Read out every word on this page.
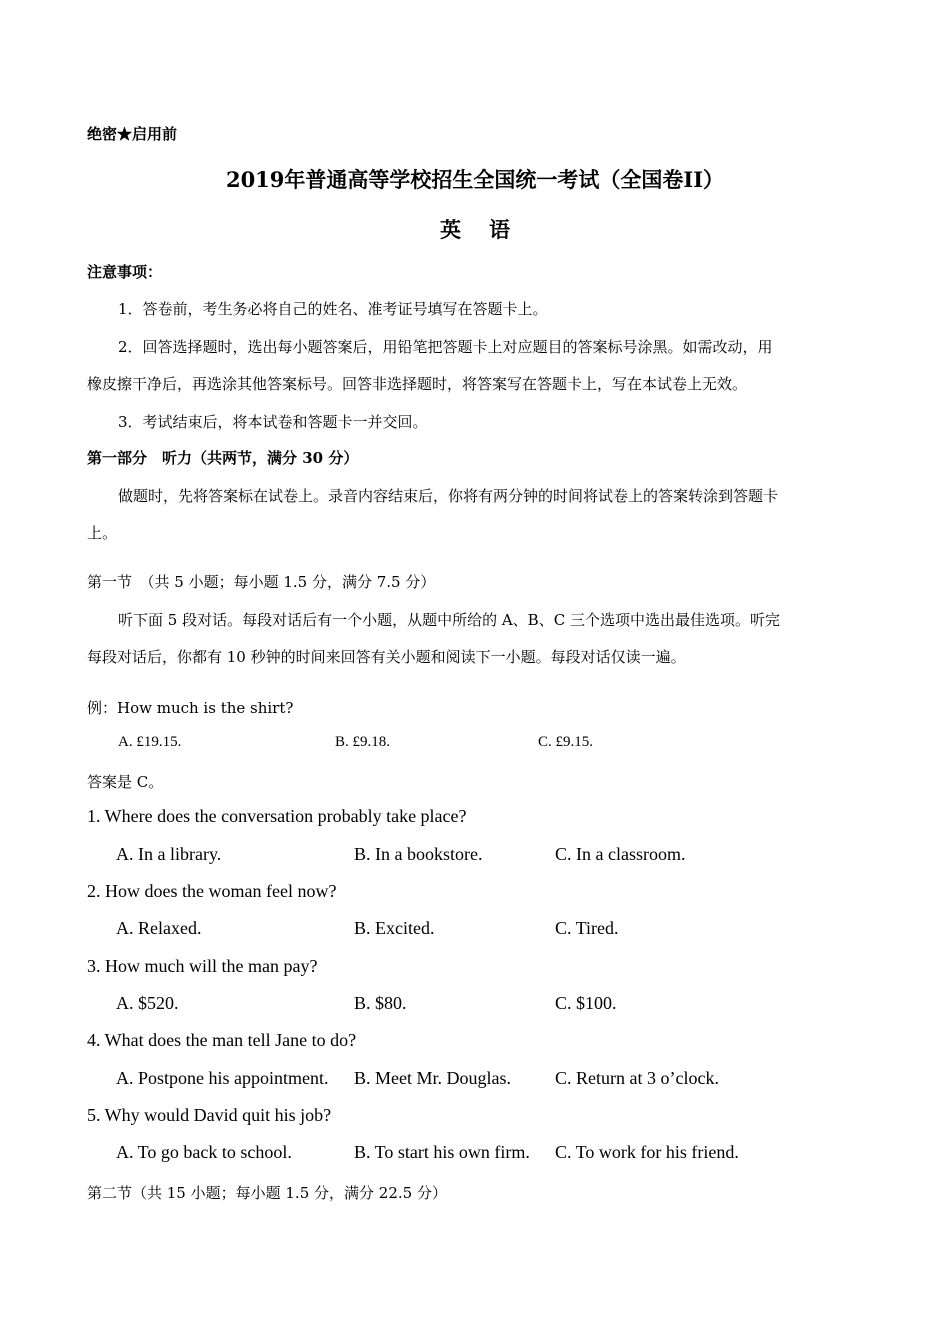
绝密★启用前
2019年普通高等学校招生全国统一考试（全国卷II）
英语
注意事项：
1．答卷前，考生务必将自己的姓名、准考证号填写在答题卡上。
2．回答选择题时，选出每小题答案后，用铅笔把答题卡上对应题目的答案标号涂黑。如需改动，用
橡皮擦干净后，再选涂其他答案标号。回答非选择题时，将答案写在答题卡上，写在本试卷上无效。
3．考试结束后，将本试卷和答题卡一并交回。
第一部分　听力（共两节，满分 30 分）
做题时，先将答案标在试卷上。录音内容结束后，你将有两分钟的时间将试卷上的答案转涂到答题卡
上。
第一节　（共 5 小题；每小题 1.5 分，满分 7.5 分）
听下面 5 段对话。每段对话后有一个小题，从题中所给的 A、B、C 三个选项中选出最佳选项。听完
每段对话后，你都有 10 秒钟的时间来回答有关小题和阅读下一小题。每段对话仅读一遍。
例：How much is the shirt?
A. £19.15.	B. £9.18.	C. £9.15.
答案是 C。
1. Where does the conversation probably take place?
A. In a library.	B. In a bookstore.	C. In a classroom.
2. How does the woman feel now?
A. Relaxed.	B. Excited.	C. Tired.
3. How much will the man pay?
A. $520.	B. $80.	C. $100.
4. What does the man tell Jane to do?
A. Postpone his appointment. B. Meet Mr. Douglas. C. Return at 3 o’clock.
5. Why would David quit his job?
A. To go back to school.	B. To start his own firm. C. To work for his friend.
第二节（共 15 小题；每小题 1.5 分，满分 22.5 分）
